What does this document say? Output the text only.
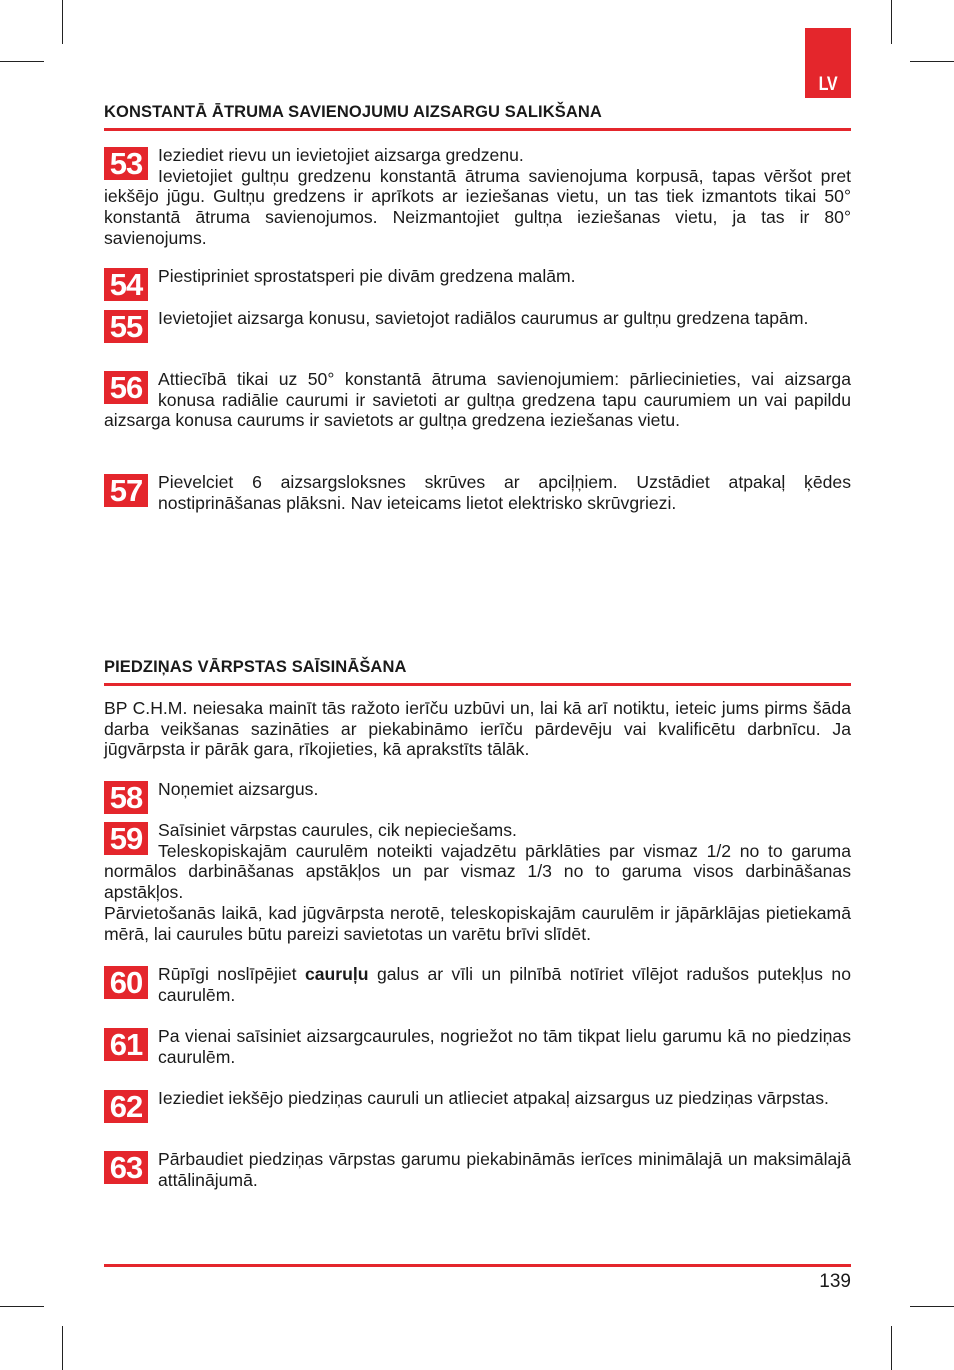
LV
KONSTANTĀ ĀTRUMA SAVIENOJUMU AIZSARGU SALIKŠANA
53 Ieziediet rievu un ievietojiet aizsarga gredzenu.

Ievietojiet gultņu gredzenu konstantā ātruma savienojuma korpusā, tapas vēršot pret iekšējo jūgu. Gultņu gredzens ir aprīkots ar ieziešanas vietu, un tas tiek izmantots tikai 50° konstantā ātruma savienojumos. Neizmantojiet gultņa ieziešanas vietu, ja tas ir 80° savienojums.

54 Piestipriniet sprostatsperi pie divām gredzena malām.

55 Ievietojiet aizsarga konusu, savietojot radiālos caurumus ar gultņu gredzena tapām.

56 Attiecībā tikai uz 50° konstantā ātruma savienojumiem: pārliecinieties, vai aizsarga konusa radiālie caurumi ir savietoti ar gultņa gredzena tapu caurumiem un vai papildu aizsarga konusa caurums ir savietots ar gultņa gredzena ieziešanas vietu.

57 Pievelciet 6 aizsargsloksnes skrūves ar apciļņiem. Uzstādiet atpakaļ ķēdes nostiprināšanas plāksni. Nav ieteicams lietot elektrisko skrūvgriezi.

PIEDZIŅAS VĀRPSTAS SAĪSINĀŠANA
BP C.H.M. neiesaka mainīt tās ražoto ierīču uzbūvi un, lai kā arī notiktu, ieteic jums pirms šāda darba veikšanas sazināties ar piekabināmo ierīču pārdevēju vai kvalificētu darbnīcu. Ja jūgvārpsta ir pārāk gara, rīkojieties, kā aprakstīts tālāk.
58 Noņemiet aizsargus.

59 Saīsiniet vārpstas caurules, cik nepieciešams.

Teleskopiskajām caurulēm noteikti vajadzētu pārklāties par vismaz 1/2 no to garuma normālos darbināšanas apstākļos un par vismaz 1/3 no to garuma visos darbināšanas apstākļos.

Pārvietošanās laikā, kad jūgvārpsta nerotē, teleskopiskajām caurulēm ir jāpārklājas pietiekamā mērā, lai caurules būtu pareizi savietotas un varētu brīvi slīdēt.

60 Rūpīgi noslīpējiet cauruļu galus ar vīli un pilnībā notīriet vīlējot radušos putekļus no caurulēm.

61 Pa vienai saīsiniet aizsargcaurules, nogriežot no tām tikpat lielu garumu kā no piedziņas caurulēm.

62 Ieziediet iekšējo piedziņas cauruli un atlieciet atpakaļ aizsargus uz piedziņas vārpstas.

63 Pārbaudiet piedziņas vārpstas garumu piekabināmās ierīces minimālajā un maksimālajā attālinājumā.

139
